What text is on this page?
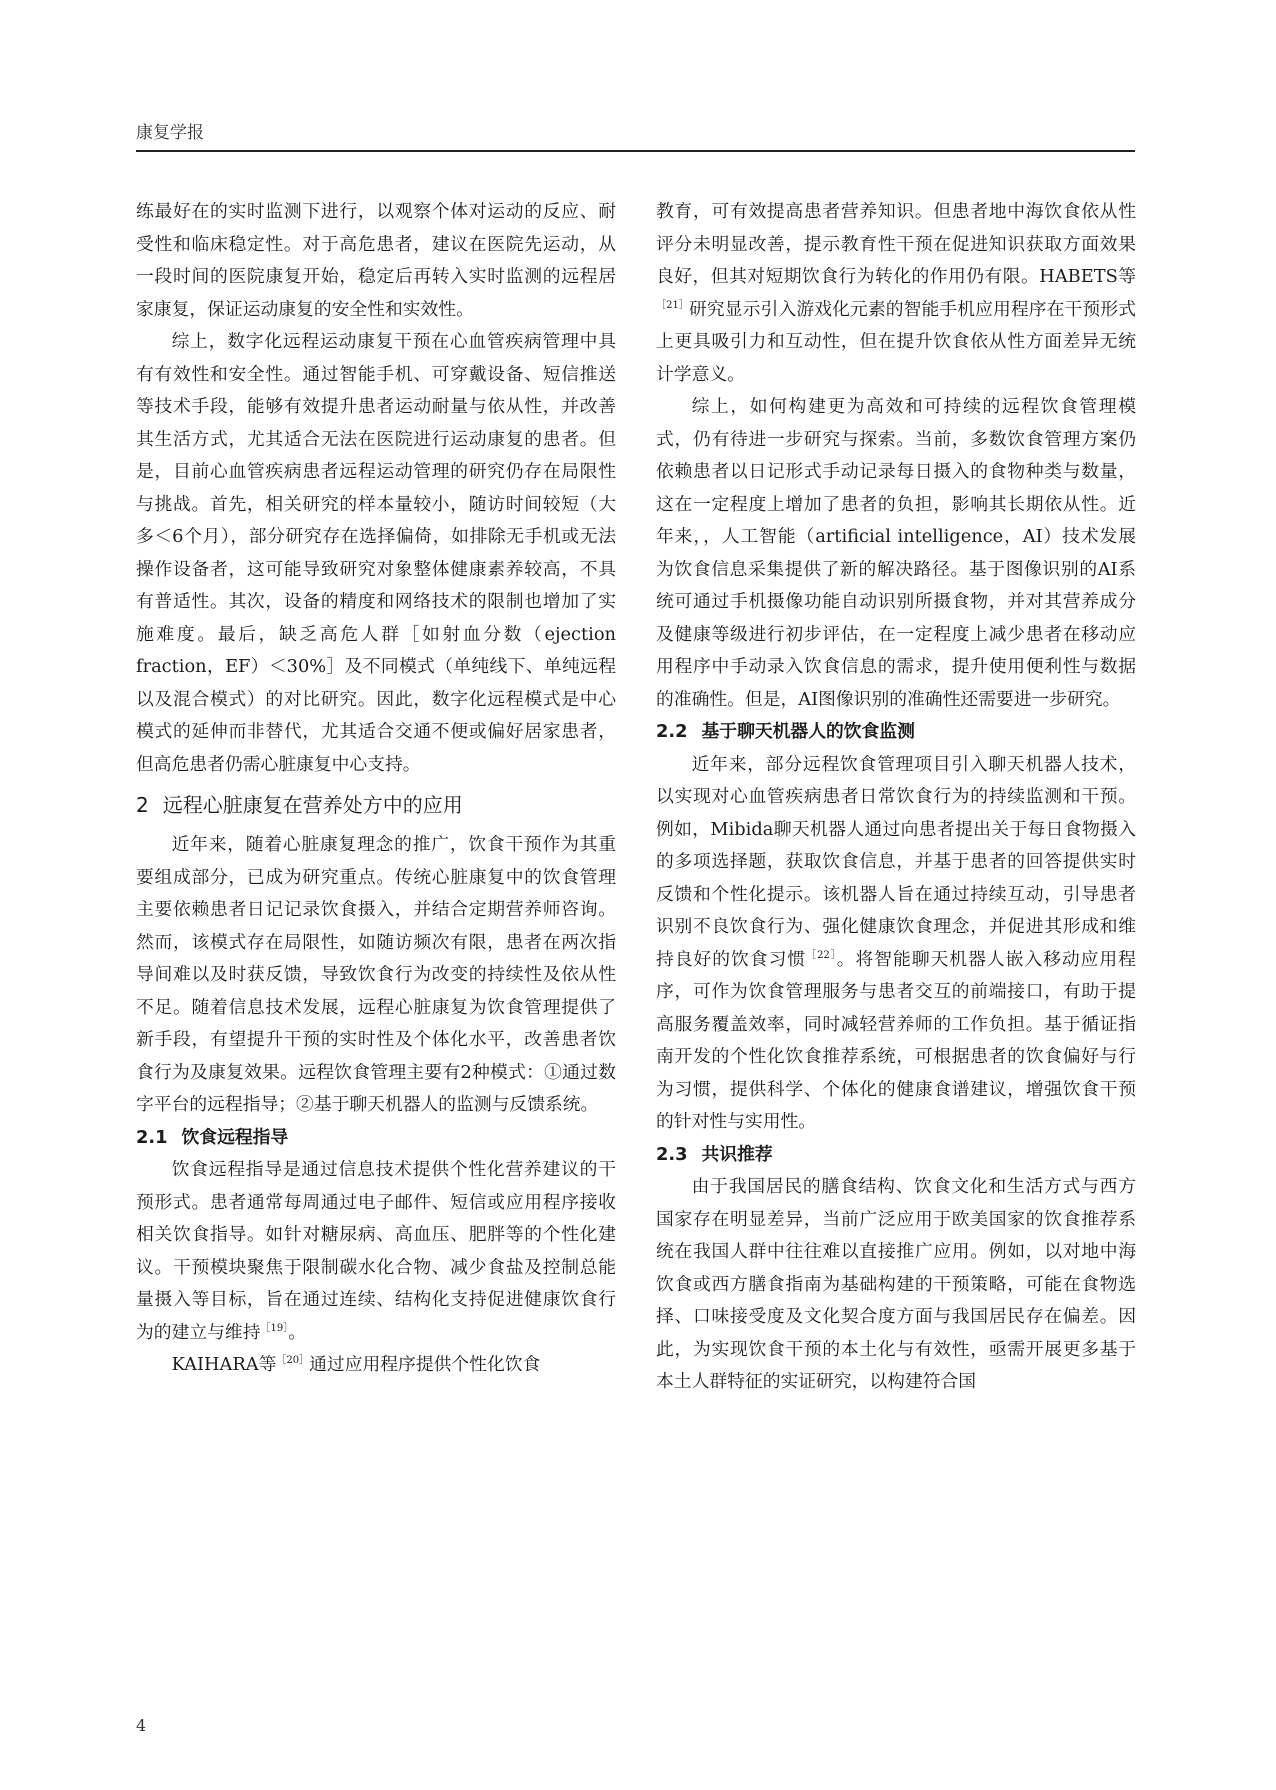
康复学报

练最好在的实时监测下进行，以观察个体对运动的反应、耐受性和临床稳定性。对于高危患者，建议在医院先运动，从一段时间的医院康复开始，稳定后再转入实时监测的远程居家康复，保证运动康复的安全性和实效性。

综上，数字化远程运动康复干预在心血管疾病管理中具有有效性和安全性。通过智能手机、可穿戴设备、短信推送等技术手段，能够有效提升患者运动耐量与依从性，并改善其生活方式，尤其适合无法在医院进行运动康复的患者。但是，目前心血管疾病患者远程运动管理的研究仍存在局限性与挑战。首先，相关研究的样本量较小，随访时间较短（大多＜6个月），部分研究存在选择偏倚，如排除无手机或无法操作设备者，这可能导致研究对象整体健康素养较高，不具有普适性。其次，设备的精度和网络技术的限制也增加了实施难度。最后，缺乏高危人群［如射血分数（ejection fraction，EF）＜30%］及不同模式（单纯线下、单纯远程以及混合模式）的对比研究。因此，数字化远程模式是中心模式的延伸而非替代，尤其适合交通不便或偏好居家患者，但高危患者仍需心脏康复中心支持。

2 远程心脏康复在营养处方中的应用

近年来，随着心脏康复理念的推广，饮食干预作为其重要组成部分，已成为研究重点。传统心脏康复中的饮食管理主要依赖患者日记记录饮食摄入，并结合定期营养师咨询。然而，该模式存在局限性，如随访频次有限，患者在两次指导间难以及时获反馈，导致饮食行为改变的持续性及依从性不足。随着信息技术发展，远程心脏康复为饮食管理提供了新手段，有望提升干预的实时性及个体化水平，改善患者饮食行为及康复效果。远程饮食管理主要有2种模式：①通过数字平台的远程指导；②基于聊天机器人的监测与反馈系统。

2.1 饮食远程指导

饮食远程指导是通过信息技术提供个性化营养建议的干预形式。患者通常每周通过电子邮件、短信或应用程序接收相关饮食指导。如针对糖尿病、高血压、肥胖等的个性化建议。干预模块聚焦于限制碳水化合物、减少食盐及控制总能量摄入等目标，旨在通过连续、结构化支持促进健康饮食行为的建立与维持$^{[19]}$。

KAIHARA等$^{[20]}$通过应用程序提供个性化饮食

教育，可有效提高患者营养知识。但患者地中海饮食依从性评分未明显改善，提示教育性干预在促进知识获取方面效果良好，但其对短期饮食行为转化的作用仍有限。HABETS等$^{[21]}$研究显示引入游戏化元素的智能手机应用程序在干预形式上更具吸引力和互动性，但在提升饮食依从性方面差异无统计学意义。

综上，如何构建更为高效和可持续的远程饮食管理模式，仍有待进一步研究与探索。当前，多数饮食管理方案仍依赖患者以日记形式手动记录每日摄入的食物种类与数量，这在一定程度上增加了患者的负担，影响其长期依从性。近年来，，人工智能（artificial intelligence，AI）技术发展为饮食信息采集提供了新的解决路径。基于图像识别的AI系统可通过手机摄像功能自动识别所摄食物，并对其营养成分及健康等级进行初步评估，在一定程度上减少患者在移动应用程序中手动录入饮食信息的需求，提升使用便利性与数据的准确性。但是，AI图像识别的准确性还需要进一步研究。

2.2 基于聊天机器人的饮食监测

近年来，部分远程饮食管理项目引入聊天机器人技术，以实现对心血管疾病患者日常饮食行为的持续监测和干预。例如，Mibida聊天机器人通过向患者提出关于每日食物摄入的多项选择题，获取饮食信息，并基于患者的回答提供实时反馈和个性化提示。该机器人旨在通过持续互动，引导患者识别不良饮食行为、强化健康饮食理念，并促进其形成和维持良好的饮食习惯$^{[22]}$。将智能聊天机器人嵌入移动应用程序，可作为饮食管理服务与患者交互的前端接口，有助于提高服务覆盖效率，同时减轻营养师的工作负担。基于循证指南开发的个性化饮食推荐系统，可根据患者的饮食偏好与行为习惯，提供科学、个体化的健康食谱建议，增强饮食干预的针对性与实用性。

2.3 共识推荐

由于我国居民的膳食结构、饮食文化和生活方式与西方国家存在明显差异，当前广泛应用于欧美国家的饮食推荐系统在我国人群中往往难以直接推广应用。例如，以对地中海饮食或西方膳食指南为基础构建的干预策略，可能在食物选择、口味接受度及文化契合度方面与我国居民存在偏差。因此，为实现饮食干预的本土化与有效性，亟需开展更多基于本土人群特征的实证研究，以构建符合国

4
